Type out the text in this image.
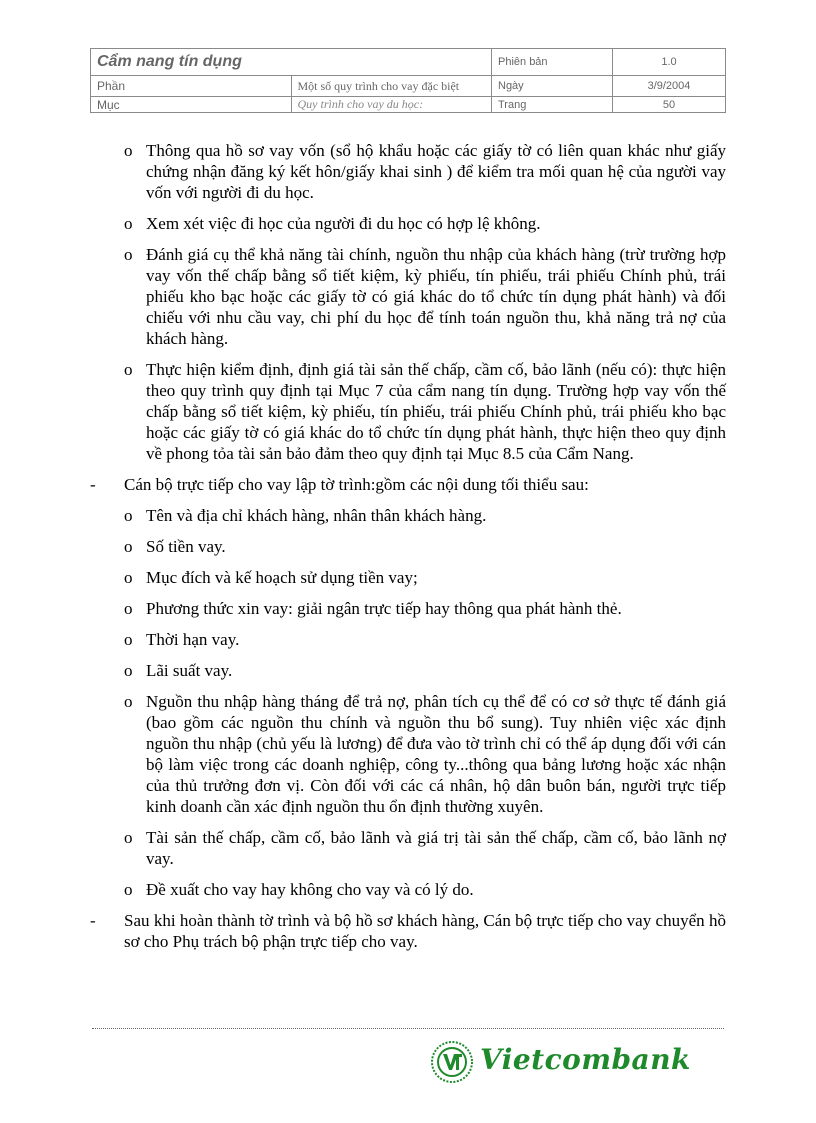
Cẩm nang tín dụng		Phiên bản	1.0
Phần	Một số quy trình cho vay đặc biệt	Ngày	3/9/2004
Mục	Quy trình cho vay du học:	Trang	50
o Thông qua hồ sơ vay vốn (sổ hộ khẩu hoặc các giấy tờ có liên quan khác như giấy chứng nhận đăng ký kết hôn/giấy khai sinh ) để kiểm tra mối quan hệ của người vay vốn với người đi du học.
o Xem xét việc đi học của người đi du học có hợp lệ không.
o Đánh giá cụ thể khả năng tài chính, nguồn thu nhập của khách hàng (trừ trường hợp vay vốn thế chấp bằng sổ tiết kiệm, kỳ phiếu, tín phiếu, trái phiếu Chính phủ, trái phiếu kho bạc hoặc các giấy tờ có giá khác do tổ chức tín dụng phát hành) và đối chiếu với nhu cầu vay, chi phí du học để tính toán nguồn thu, khả năng trả nợ của khách hàng.
o Thực hiện kiểm định, định giá tài sản thế chấp, cầm cố, bảo lãnh (nếu có): thực hiện theo quy trình quy định tại Mục 7 của cẩm nang tín dụng. Trường hợp vay vốn thế chấp bằng sổ tiết kiệm, kỳ phiếu, tín phiếu, trái phiếu Chính phủ, trái phiếu kho bạc hoặc các giấy tờ có giá khác do tổ chức tín dụng phát hành, thực hiện theo quy định về phong tỏa tài sản bảo đảm theo quy định tại Mục 8.5 của Cẩm Nang.
- Cán bộ trực tiếp cho vay lập tờ trình:gồm các nội dung tối thiểu sau:
o Tên và địa chỉ khách hàng, nhân thân khách hàng.
o Số tiền vay.
o Mục đích và kế hoạch sử dụng tiền vay;
o Phương thức xin vay: giải ngân trực tiếp hay thông qua phát hành thẻ.
o Thời hạn vay.
o Lãi suất vay.
o Nguồn thu nhập hàng tháng để trả nợ, phân tích cụ thể để có cơ sở thực tế đánh giá (bao gồm các nguồn thu chính và nguồn thu bổ sung). Tuy nhiên việc xác định nguồn thu nhập (chủ yếu là lương) để đưa vào tờ trình chỉ có thể áp dụng đối với cán bộ làm việc trong các doanh nghiệp, công ty...thông qua bảng lương hoặc xác nhận của thủ trưởng đơn vị. Còn đối với các cá nhân, hộ dân buôn bán, người trực tiếp kinh doanh cần xác định nguồn thu ổn định thường xuyên.
o Tài sản thế chấp, cầm cố, bảo lãnh và giá trị tài sản thế chấp, cầm cố, bảo lãnh nợ vay.
o Đề xuất cho vay hay không cho vay và có lý do.
- Sau khi hoàn thành tờ trình và bộ hồ sơ khách hàng, Cán bộ trực tiếp cho vay chuyển hồ sơ cho Phụ trách bộ phận trực tiếp cho vay.
Vietcombank
